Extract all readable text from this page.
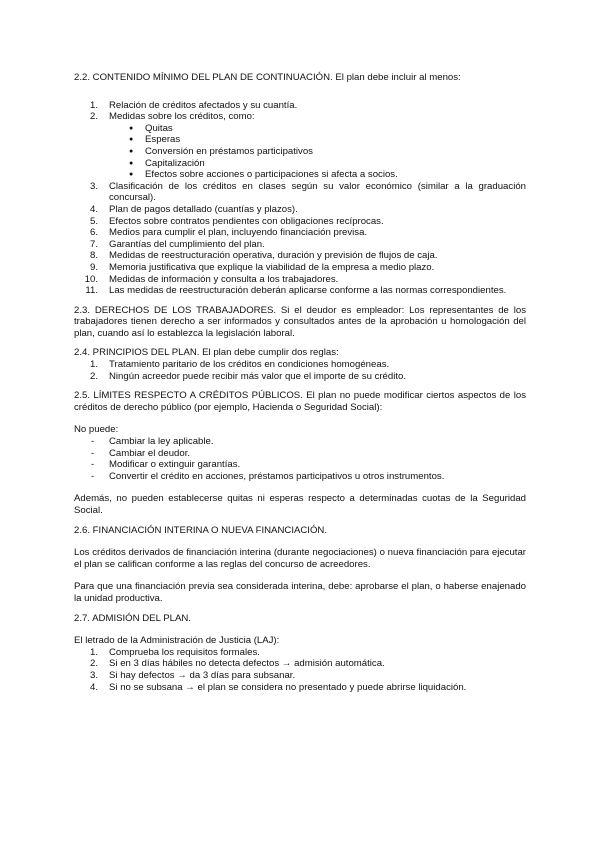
2.2. CONTENIDO MÍNIMO DEL PLAN DE CONTINUACIÓN. El plan debe incluir al menos:

1. Relación de créditos afectados y su cuantía.
2. Medidas sobre los créditos, como:
● Quitas
● Esperas
● Conversión en préstamos participativos
● Capitalización
● Efectos sobre acciones o participaciones si afecta a socios.
3. Clasificación de los créditos en clases según su valor económico (similar a la graduación concursal).
4. Plan de pagos detallado (cuantías y plazos).
5. Efectos sobre contratos pendientes con obligaciones recíprocas.
6. Medios para cumplir el plan, incluyendo financiación previsa.
7. Garantías del cumplimiento del plan.
8. Medidas de reestructuración operativa, duración y previsión de flujos de caja.
9. Memoria justificativa que explique la viabilidad de la empresa a medio plazo.
10. Medidas de información y consulta a los trabajadores.
11. Las medidas de reestructuración deberán aplicarse conforme a las normas correspondientes.

2.3. DERECHOS DE LOS TRABAJADORES. Si el deudor es empleador: Los representantes de los trabajadores tienen derecho a ser informados y consultados antes de la aprobación u homologación del plan, cuando así lo establezca la legislación laboral.

2.4. PRINCIPIOS DEL PLAN. El plan debe cumplir dos reglas:

1. Tratamiento paritario de los créditos en condiciones homogéneas.
2. Ningún acreedor puede recibir más valor que el importe de su crédito.

2.5. LÍMITES RESPECTO A CRÉDITOS PÚBLICOS. El plan no puede modificar ciertos aspectos de los créditos de derecho público (por ejemplo, Hacienda o Seguridad Social):

No puede:

- Cambiar la ley aplicable.
- Cambiar el deudor.
- Modificar o extinguir garantías.
- Convertir el crédito en acciones, préstamos participativos u otros instrumentos.

Además, no pueden establecerse quitas ni esperas respecto a determinadas cuotas de la Seguridad Social.

2.6. FINANCIACIÓN INTERINA O NUEVA FINANCIACIÓN.

Los créditos derivados de financiación interina (durante negociaciones) o nueva financiación para ejecutar el plan se califican conforme a las reglas del concurso de acreedores.

Para que una financiación previa sea considerada interina, debe: aprobarse el plan, o haberse enajenado la unidad productiva.

2.7. ADMISIÓN DEL PLAN.

El letrado de la Administración de Justicia (LAJ):

1. Comprueba los requisitos formales.
2. Si en 3 días hábiles no detecta defectos → admisión automática.
3. Si hay defectos → da 3 días para subsanar.
4. Si no se subsana → el plan se considera no presentado y puede abrirse liquidación.
